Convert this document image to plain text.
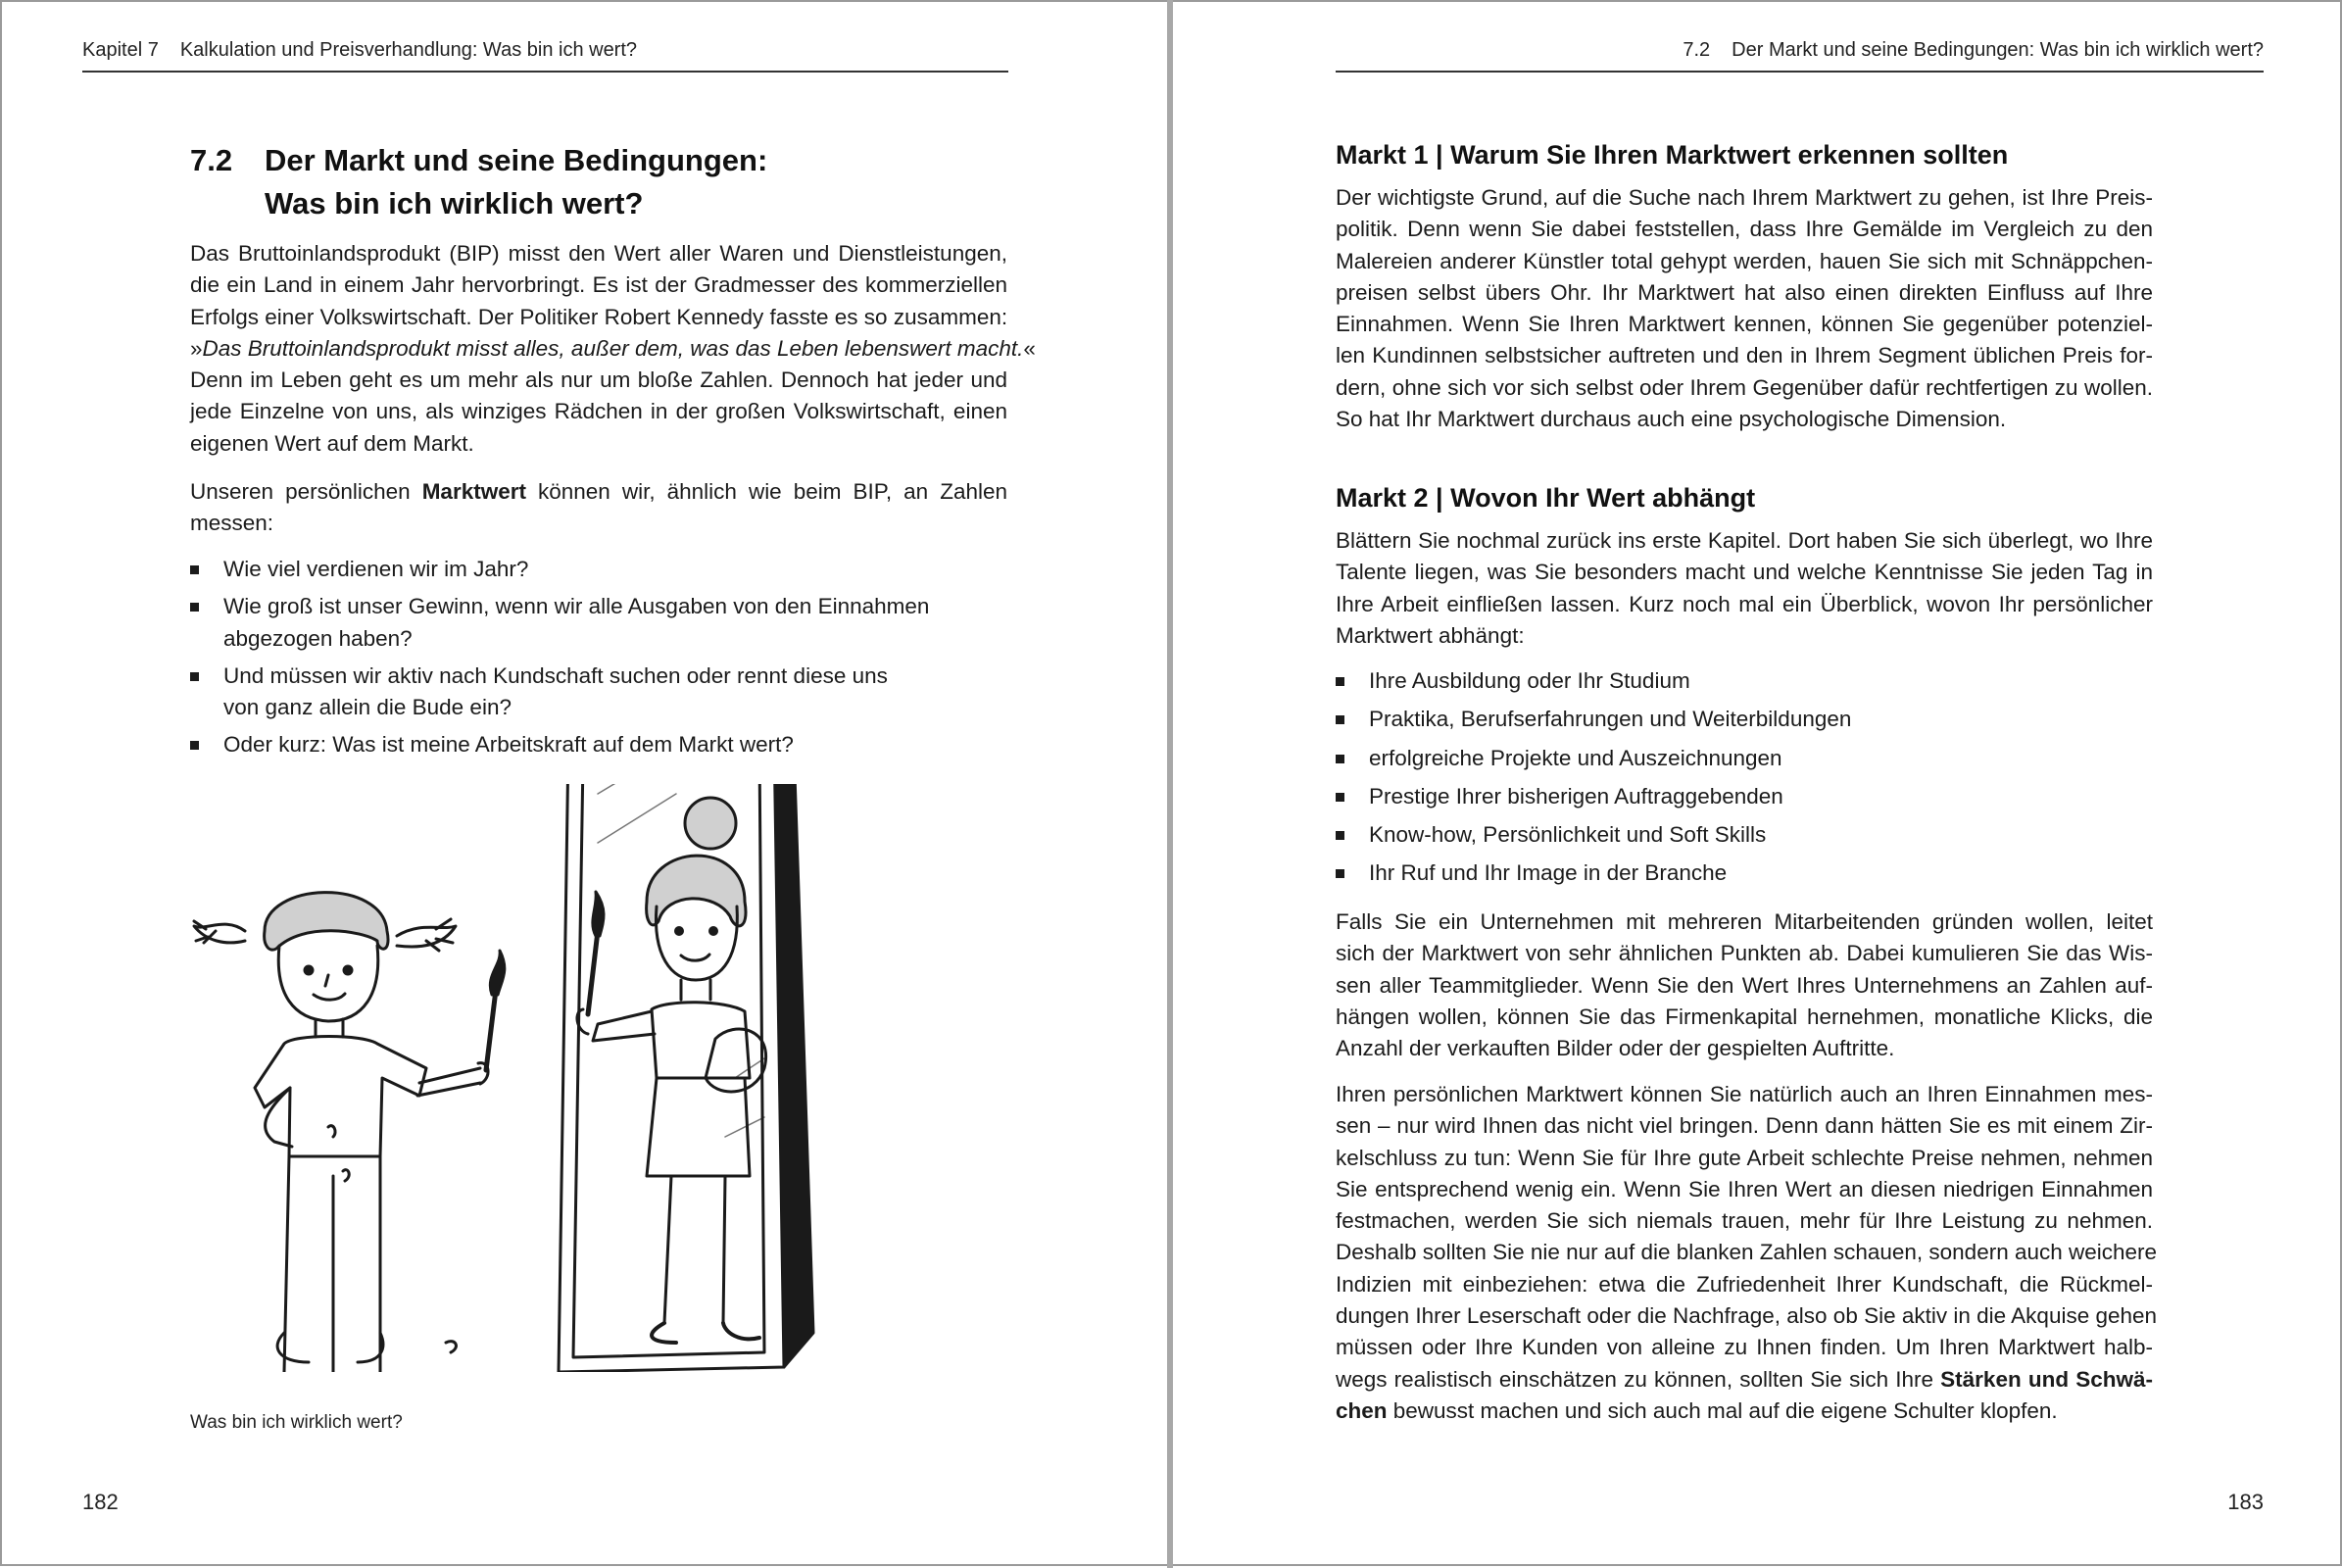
Kapitel 7 Kalkulation und Preisverhandlung: Was bin ich wert?
7.2 Der Markt und seine Bedingungen:
Was bin ich wirklich wert?
Das Bruttoinlandsprodukt (BIP) misst den Wert aller Waren und Dienstleistungen,
die ein Land in einem Jahr hervorbringt. Es ist der Gradmesser des kommerziellen
Erfolgs einer Volkswirtschaft. Der Politiker Robert Kennedy fasste es so zusammen:
»Das Bruttoinlandsprodukt misst alles, außer dem, was das Leben lebenswert macht.«
Denn im Leben geht es um mehr als nur um bloße Zahlen. Dennoch hat jeder und
jede Einzelne von uns, als winziges Rädchen in der großen Volkswirtschaft, einen
eigenen Wert auf dem Markt.
Unseren persönlichen Marktwert können wir, ähnlich wie beim BIP, an Zahlen
messen:
Wie viel verdienen wir im Jahr?
Wie groß ist unser Gewinn, wenn wir alle Ausgaben von den Einnahmen
abgezogen haben?
Und müssen wir aktiv nach Kundschaft suchen oder rennt diese uns
von ganz allein die Bude ein?
Oder kurz: Was ist meine Arbeitskraft auf dem Markt wert?
Was bin ich wirklich wert?
182
7.2 Der Markt und seine Bedingungen: Was bin ich wirklich wert?
Markt 1 | Warum Sie Ihren Marktwert erkennen sollten
Der wichtigste Grund, auf die Suche nach Ihrem Marktwert zu gehen, ist Ihre Preis-
politik. Denn wenn Sie dabei feststellen, dass Ihre Gemälde im Vergleich zu den
Malereien anderer Künstler total gehypt werden, hauen Sie sich mit Schnäppchen-
preisen selbst übers Ohr. Ihr Marktwert hat also einen direkten Einfluss auf Ihre
Einnahmen. Wenn Sie Ihren Marktwert kennen, können Sie gegenüber potenziel-
len Kundinnen selbstsicher auftreten und den in Ihrem Segment üblichen Preis for-
dern, ohne sich vor sich selbst oder Ihrem Gegenüber dafür rechtfertigen zu wollen.
So hat Ihr Marktwert durchaus auch eine psychologische Dimension.
Markt 2 | Wovon Ihr Wert abhängt
Blättern Sie nochmal zurück ins erste Kapitel. Dort haben Sie sich überlegt, wo Ihre
Talente liegen, was Sie besonders macht und welche Kenntnisse Sie jeden Tag in
Ihre Arbeit einfließen lassen. Kurz noch mal ein Überblick, wovon Ihr persönlicher
Marktwert abhängt:
Ihre Ausbildung oder Ihr Studium
Praktika, Berufserfahrungen und Weiterbildungen
erfolgreiche Projekte und Auszeichnungen
Prestige Ihrer bisherigen Auftraggebenden
Know-how, Persönlichkeit und Soft Skills
Ihr Ruf und Ihr Image in der Branche
Falls Sie ein Unternehmen mit mehreren Mitarbeitenden gründen wollen, leitet
sich der Marktwert von sehr ähnlichen Punkten ab. Dabei kumulieren Sie das Wis-
sen aller Teammitglieder. Wenn Sie den Wert Ihres Unternehmens an Zahlen auf-
hängen wollen, können Sie das Firmenkapital hernehmen, monatliche Klicks, die
Anzahl der verkauften Bilder oder der gespielten Auftritte.
Ihren persönlichen Marktwert können Sie natürlich auch an Ihren Einnahmen mes-
sen – nur wird Ihnen das nicht viel bringen. Denn dann hätten Sie es mit einem Zir-
kelschluss zu tun: Wenn Sie für Ihre gute Arbeit schlechte Preise nehmen, nehmen
Sie entsprechend wenig ein. Wenn Sie Ihren Wert an diesen niedrigen Einnahmen
festmachen, werden Sie sich niemals trauen, mehr für Ihre Leistung zu nehmen.
Deshalb sollten Sie nie nur auf die blanken Zahlen schauen, sondern auch weichere
Indizien mit einbeziehen: etwa die Zufriedenheit Ihrer Kundschaft, die Rückmel-
dungen Ihrer Leserschaft oder die Nachfrage, also ob Sie aktiv in die Akquise gehen
müssen oder Ihre Kunden von alleine zu Ihnen finden. Um Ihren Marktwert halb-
wegs realistisch einschätzen zu können, sollten Sie sich Ihre Stärken und Schwä-
chen bewusst machen und sich auch mal auf die eigene Schulter klopfen.
183
